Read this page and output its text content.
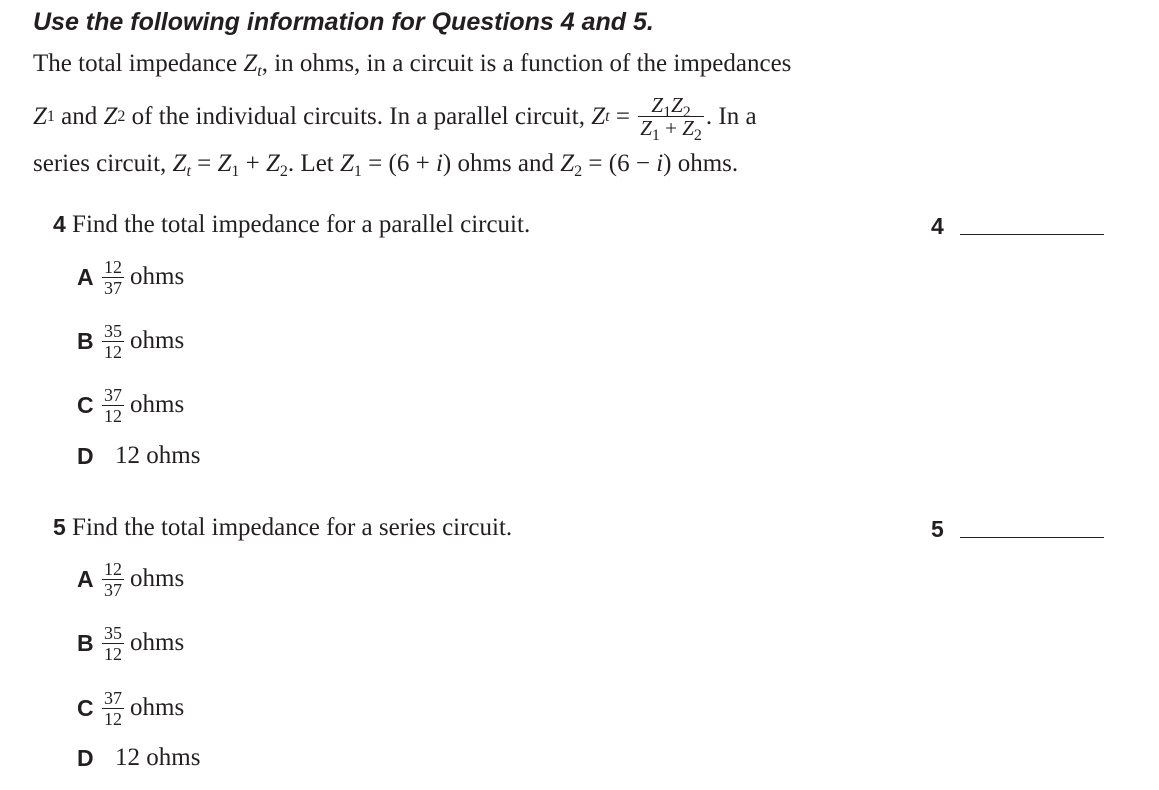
Use the following information for Questions 4 and 5.
The total impedance $Z_t$, in ohms, in a circuit is a function of the impedances
Z 1 and Z 2 of the individual circuits. In a parallel circuit, Z $t = \frac{Z_1Z_2}{Z_1 + Z_2}$ . In a
series circuit, $Z_t = Z_1 + Z_2$. Let $Z_1 = (6 + i)$ ohms and $Z_2 = (6 - i)$ ohms.
4 Find the total impedance for a parallel circuit.	4
A $\frac{12}{37}$ ohms
B $\frac{35}{12}$ ohms
C $\frac{37}{12}$ ohms
D 12 ohms
5 Find the total impedance for a series circuit.	5
A $\frac{12}{37}$ ohms
B $\frac{35}{12}$ ohms
C $\frac{37}{12}$ ohms
D 12 ohms
